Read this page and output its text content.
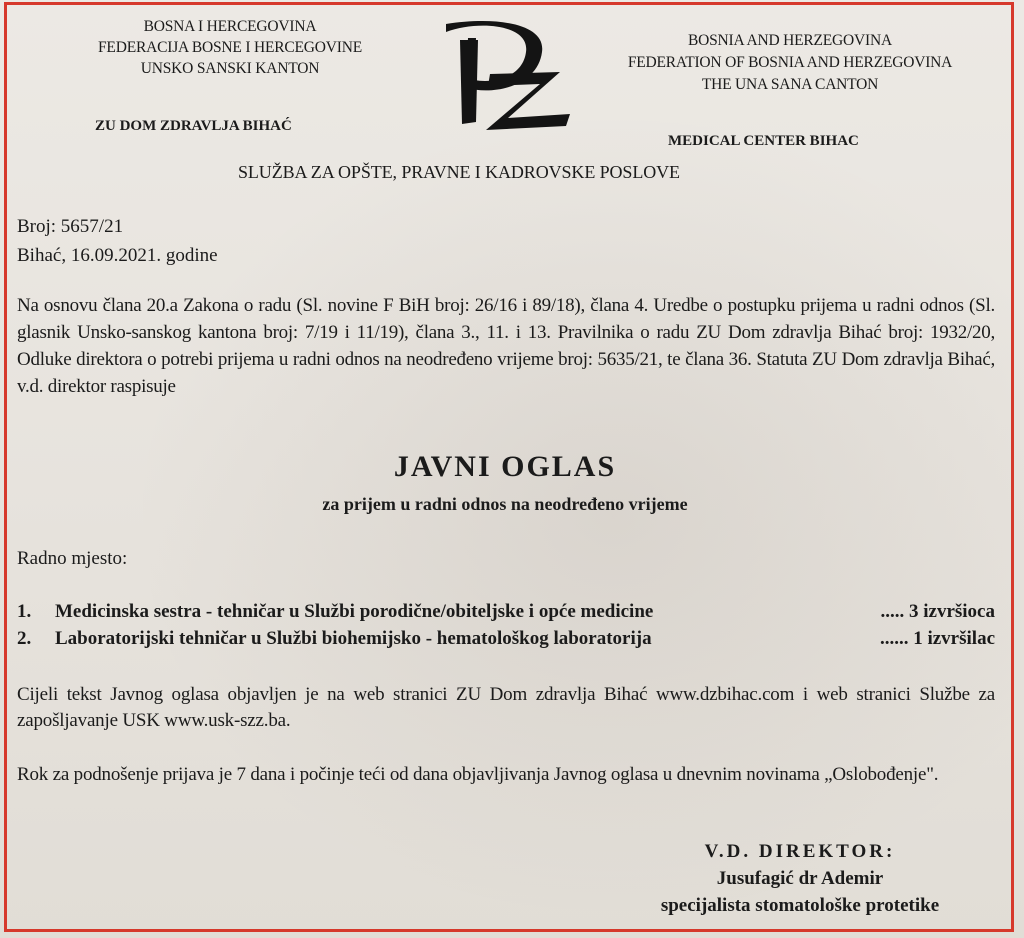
BOSNA I HERCEGOVINA
FEDERACIJA BOSNE I HERCEGOVINE
UNSKO SANSKI KANTON
BOSNIA AND HERZEGOVINA
FEDERATION OF BOSNIA AND HERZEGOVINA
THE UNA SANA CANTON
ZU DOM ZDRAVLJA BIHAĆ
MEDICAL CENTER BIHAC
SLUŽBA ZA OPŠTE, PRAVNE I KADROVSKE POSLOVE
Broj: 5657/21
Bihać, 16.09.2021. godine
Na osnovu člana 20.a Zakona o radu (Sl. novine F BiH broj: 26/16 i 89/18), člana 4. Uredbe o postupku prijema u radni odnos (Sl. glasnik Unsko-sanskog kantona broj: 7/19 i 11/19), člana 3., 11. i 13. Pravilnika o radu ZU Dom zdravlja Bihać broj: 1932/20, Odluke direktora o potrebi prijema u radni odnos na neodređeno vrijeme broj: 5635/21, te člana 36. Statuta ZU Dom zdravlja Bihać, v.d. direktor raspisuje
JAVNI OGLAS
za prijem u radni odnos na neodređeno vrijeme
Radno mjesto:
1. Medicinska sestra - tehničar u Službi porodične/obiteljske i opće medicine	..... 3 izvršioca
2. Laboratorijski tehničar u Službi biohemijsko - hematološkog laboratorija	...... 1 izvršilac
Cijeli tekst Javnog oglasa objavljen je na web stranici ZU Dom zdravlja Bihać www.dzbihac.com i web stranici Službe za zapošljavanje USK www.usk-szz.ba.
Rok za podnošenje prijava je 7 dana i počinje teći od dana objavljivanja Javnog oglasa u dnevnim novinama „Oslobođenje".
V.D. DIREKTOR:
Jusufagić dr Ademir
specijalista stomatološke protetike
